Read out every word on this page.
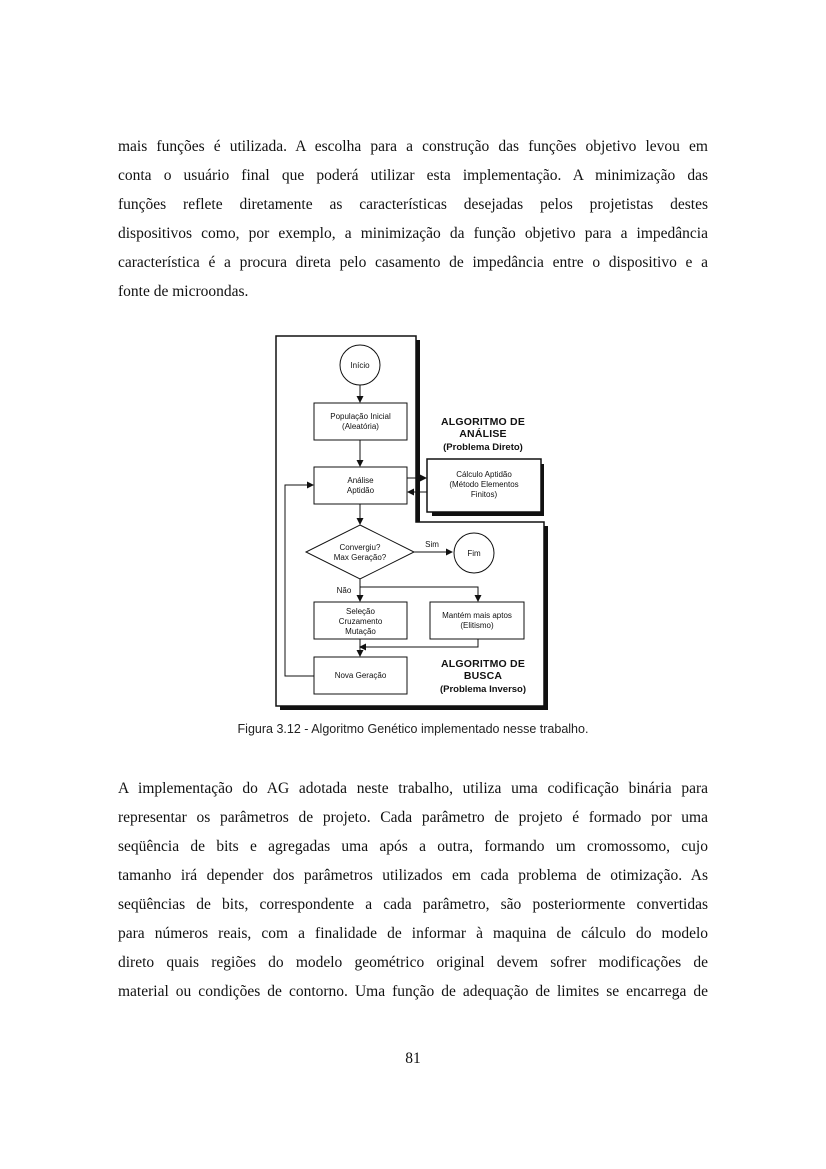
mais funções é utilizada. A escolha para a construção das funções objetivo levou em
conta o usuário final que poderá utilizar esta implementação. A minimização das
funções reflete diretamente as características desejadas pelos projetistas destes
dispositivos como, por exemplo, a minimização da função objetivo para a impedância
característica é a procura direta pelo casamento de impedância entre o dispositivo e a
fonte de microondas.
Cálculo Aptidão
(Método Elementos
Finitos)
ALGORITMO DE
ANÁLISE
(Problema Direto)
Início
População Inicial
(Aleatória)
Análise
Aptidão
Convergiu?
Max Geração?
Sim
Fim
Não
Seleção
Cruzamento
Mutação
Mantém mais aptos
(Elitismo)
Nova Geração
ALGORITMO DE
BUSCA
(Problema Inverso)
Figura 3.12 - Algoritmo Genético implementado nesse trabalho.
A implementação do AG adotada neste trabalho, utiliza uma codificação binária para
representar os parâmetros de projeto. Cada parâmetro de projeto é formado por uma
seqüência de bits e agregadas uma após a outra, formando um cromossomo, cujo
tamanho irá depender dos parâmetros utilizados em cada problema de otimização. As
seqüências de bits, correspondente a cada parâmetro, são posteriormente convertidas
para números reais, com a finalidade de informar à maquina de cálculo do modelo
direto quais regiões do modelo geométrico original devem sofrer modificações de
material ou condições de contorno. Uma função de adequação de limites se encarrega de
81
